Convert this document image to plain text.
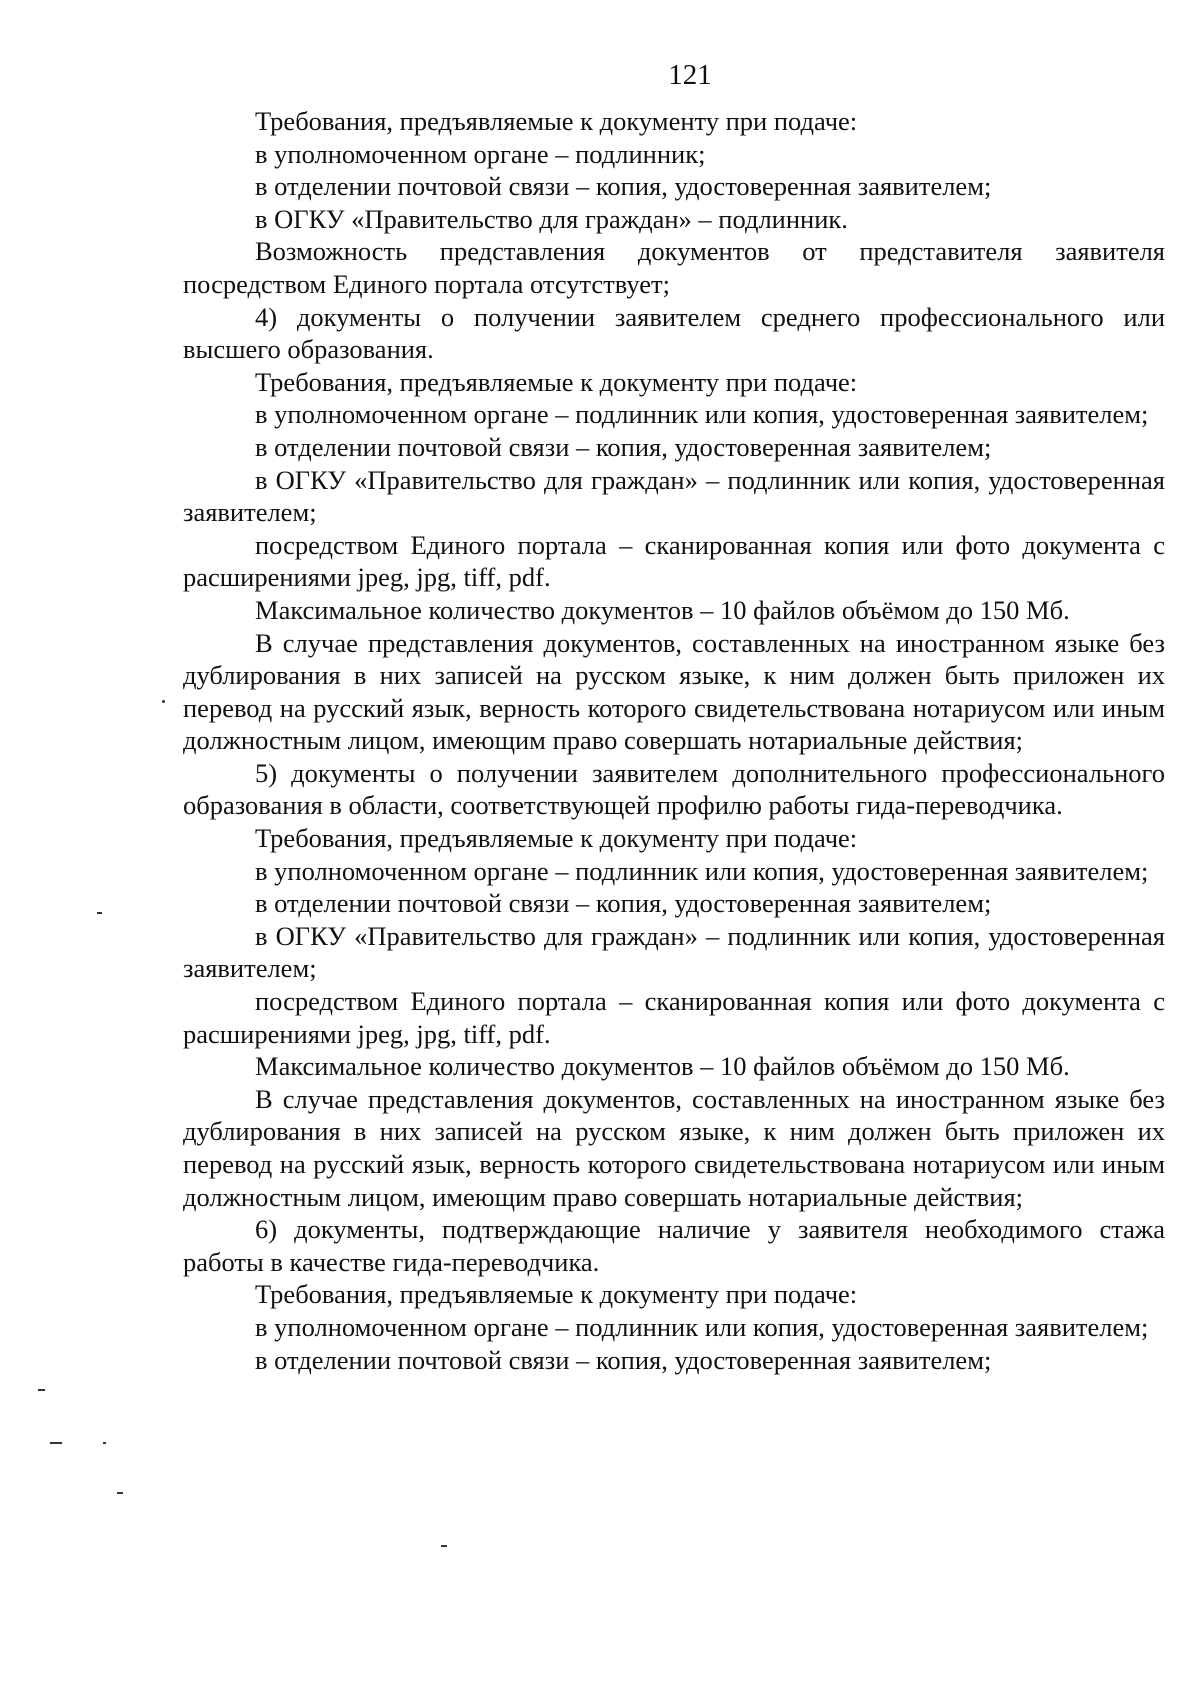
121

Требования, предъявляемые к документу при подаче:

в уполномоченном органе – подлинник;

в отделении почтовой связи – копия, удостоверенная заявителем;

в ОГКУ «Правительство для граждан» – подлинник.

Возможность представления документов от представителя заявителя посредством Единого портала отсутствует;

4) документы о получении заявителем среднего профессионального или высшего образования.

Требования, предъявляемые к документу при подаче:

в уполномоченном органе – подлинник или копия, удостоверенная заявителем;

в отделении почтовой связи – копия, удостоверенная заявителем;

в ОГКУ «Правительство для граждан» – подлинник или копия, удостоверенная заявителем;

посредством Единого портала – сканированная копия или фото документа с расширениями jpeg, jpg, tiff, pdf.

Максимальное количество документов – 10 файлов объёмом до 150 Мб.

В случае представления документов, составленных на иностранном языке без дублирования в них записей на русском языке, к ним должен быть приложен их перевод на русский язык, верность которого свидетельствована нотариусом или иным должностным лицом, имеющим право совершать нотариальные действия;

5) документы о получении заявителем дополнительного профессионального образования в области, соответствующей профилю работы гида-переводчика.

Требования, предъявляемые к документу при подаче:

в уполномоченном органе – подлинник или копия, удостоверенная заявителем;

в отделении почтовой связи – копия, удостоверенная заявителем;

в ОГКУ «Правительство для граждан» – подлинник или копия, удостоверенная заявителем;

посредством Единого портала – сканированная копия или фото документа с расширениями jpeg, jpg, tiff, pdf.

Максимальное количество документов – 10 файлов объёмом до 150 Мб.

В случае представления документов, составленных на иностранном языке без дублирования в них записей на русском языке, к ним должен быть приложен их перевод на русский язык, верность которого свидетельствована нотариусом или иным должностным лицом, имеющим право совершать нотариальные действия;

6) документы, подтверждающие наличие у заявителя необходимого стажа работы в качестве гида-переводчика.

Требования, предъявляемые к документу при подаче:

в уполномоченном органе – подлинник или копия, удостоверенная заявителем;

в отделении почтовой связи – копия, удостоверенная заявителем;
